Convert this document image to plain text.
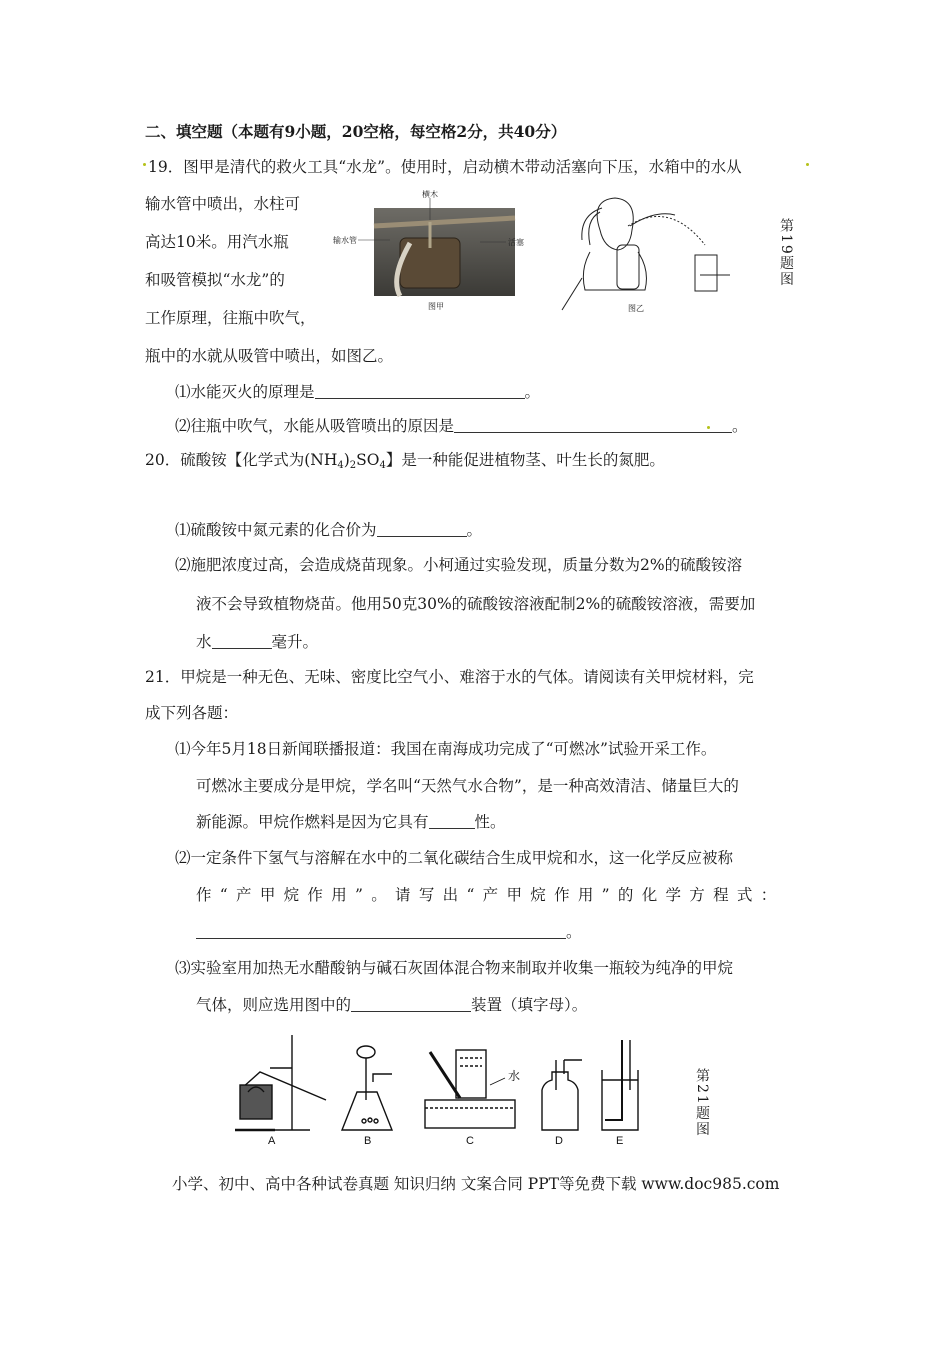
二、填空题（本题有9小题，20空格，每空格2分，共40分）
19．图甲是清代的救火工具“水龙”。使用时，启动横木带动活塞向下压，水箱中的水从
输水管中喷出，水柱可
高达10米。用汽水瓶
和吸管模拟“水龙”的
工作原理，往瓶中吹气，
瓶中的水就从吸管中喷出，如图乙。
横木
输水管	活塞
图甲	图乙
第19题图
⑴水能灭火的原理是	。
⑵往瓶中吹气，水能从吸管喷出的原因是	。
20．硫酸铵【化学式为$(NH_4)_2SO_4$】是一种能促进植物茎、叶生长的氮肥。
⑴硫酸铵中氮元素的化合价为	。
⑵施肥浓度过高，会造成烧苗现象。小柯通过实验发现，质量分数为2%的硫酸铵溶
液不会导致植物烧苗。他用50克30%的硫酸铵溶液配制2%的硫酸铵溶液，需要加
水	毫升。
21．甲烷是一种无色、无味、密度比空气小、难溶于水的气体。请阅读有关甲烷材料，完
成下列各题：
⑴今年5月18日新闻联播报道：我国在南海成功完成了“可燃冰”试验开采工作。
可燃冰主要成分是甲烷，学名叫“天然气水合物”，是一种高效清洁、储量巨大的
新能源。甲烷作燃料是因为它具有	性。
⑵一定条件下氢气与溶解在水中的二氧化碳结合生成甲烷和水，这一化学反应被称
作“产甲烷作用”。请写出“产甲烷作用”的化学方程式：
。
⑶实验室用加热无水醋酸钠与碱石灰固体混合物来制取并收集一瓶较为纯净的甲烷
气体，则应选用图中的	装置（填字母）。
A	B	C	D	E
水	第21题图
小学、初中、高中各种试卷真题 知识归纳 文案合同 PPT等免费下载 www.doc985.com
